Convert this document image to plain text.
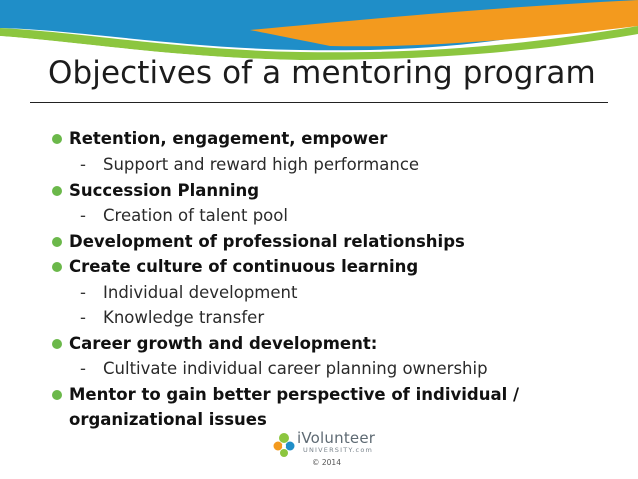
Objectives of a mentoring program
Retention, engagement, empower
- Support and reward high performance
Succession Planning
- Creation of talent pool
Development of professional relationships
Create culture of continuous learning
- Individual development
- Knowledge transfer
Career growth and development:
- Cultivate individual career planning ownership
Mentor to gain better perspective of individual /
organizational issues
iVolunteer
UNIVERSITY.com
© 2014
